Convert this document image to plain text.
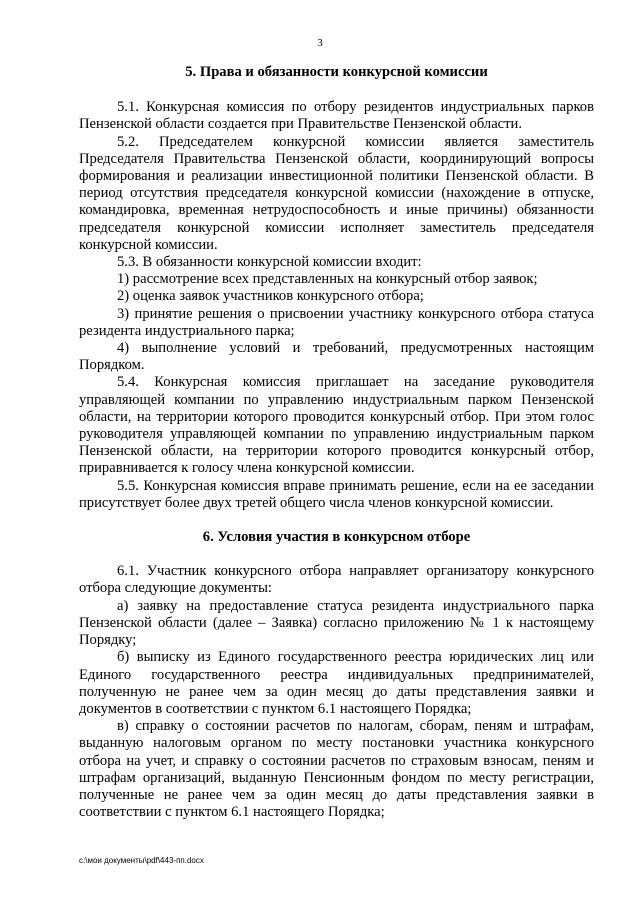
3

5. Права и обязанности конкурсной комиссии

5.1. Конкурсная комиссия по отбору резидентов индустриальных парков Пензенской области создается при Правительстве Пензенской области.

5.2. Председателем конкурсной комиссии является заместитель Председателя Правительства Пензенской области, координирующий вопросы формирования и реализации инвестиционной политики Пензенской области. В период отсутствия председателя конкурсной комиссии (нахождение в отпуске, командировка, временная нетрудоспособность и иные причины) обязанности председателя конкурсной комиссии исполняет заместитель председателя конкурсной комиссии.

5.3. В обязанности конкурсной комиссии входит:

1) рассмотрение всех представленных на конкурсный отбор заявок;

2) оценка заявок участников конкурсного отбора;

3) принятие решения о присвоении участнику конкурсного отбора статуса резидента индустриального парка;

4) выполнение условий и требований, предусмотренных настоящим Порядком.

5.4. Конкурсная комиссия приглашает на заседание руководителя управляющей компании по управлению индустриальным парком Пензенской области, на территории которого проводится конкурсный отбор. При этом голос руководителя управляющей компании по управлению индустриальным парком Пензенской области, на территории которого проводится конкурсный отбор, приравнивается к голосу члена конкурсной комиссии.

5.5. Конкурсная комиссия вправе принимать решение, если на ее заседании присутствует более двух третей общего числа членов конкурсной комиссии.

6. Условия участия в конкурсном отборе

6.1. Участник конкурсного отбора направляет организатору конкурсного отбора следующие документы:

а) заявку на предоставление статуса резидента индустриального парка Пензенской области (далее – Заявка) согласно приложению № 1 к настоящему Порядку;

б) выписку из Единого государственного реестра юридических лиц или Единого государственного реестра индивидуальных предпринимателей, полученную не ранее чем за один месяц до даты представления заявки и документов в соответствии с пунктом 6.1 настоящего Порядка;

в) справку о состоянии расчетов по налогам, сборам, пеням и штрафам, выданную налоговым органом по месту постановки участника конкурсного отбора на учет, и справку о состоянии расчетов по страховым взносам, пеням и штрафам организаций, выданную Пенсионным фондом по месту регистрации, полученные не ранее чем за один месяц до даты представления заявки в соответствии с пунктом 6.1 настоящего Порядка;

c:\мои документы\pdf\443-пп.docx
